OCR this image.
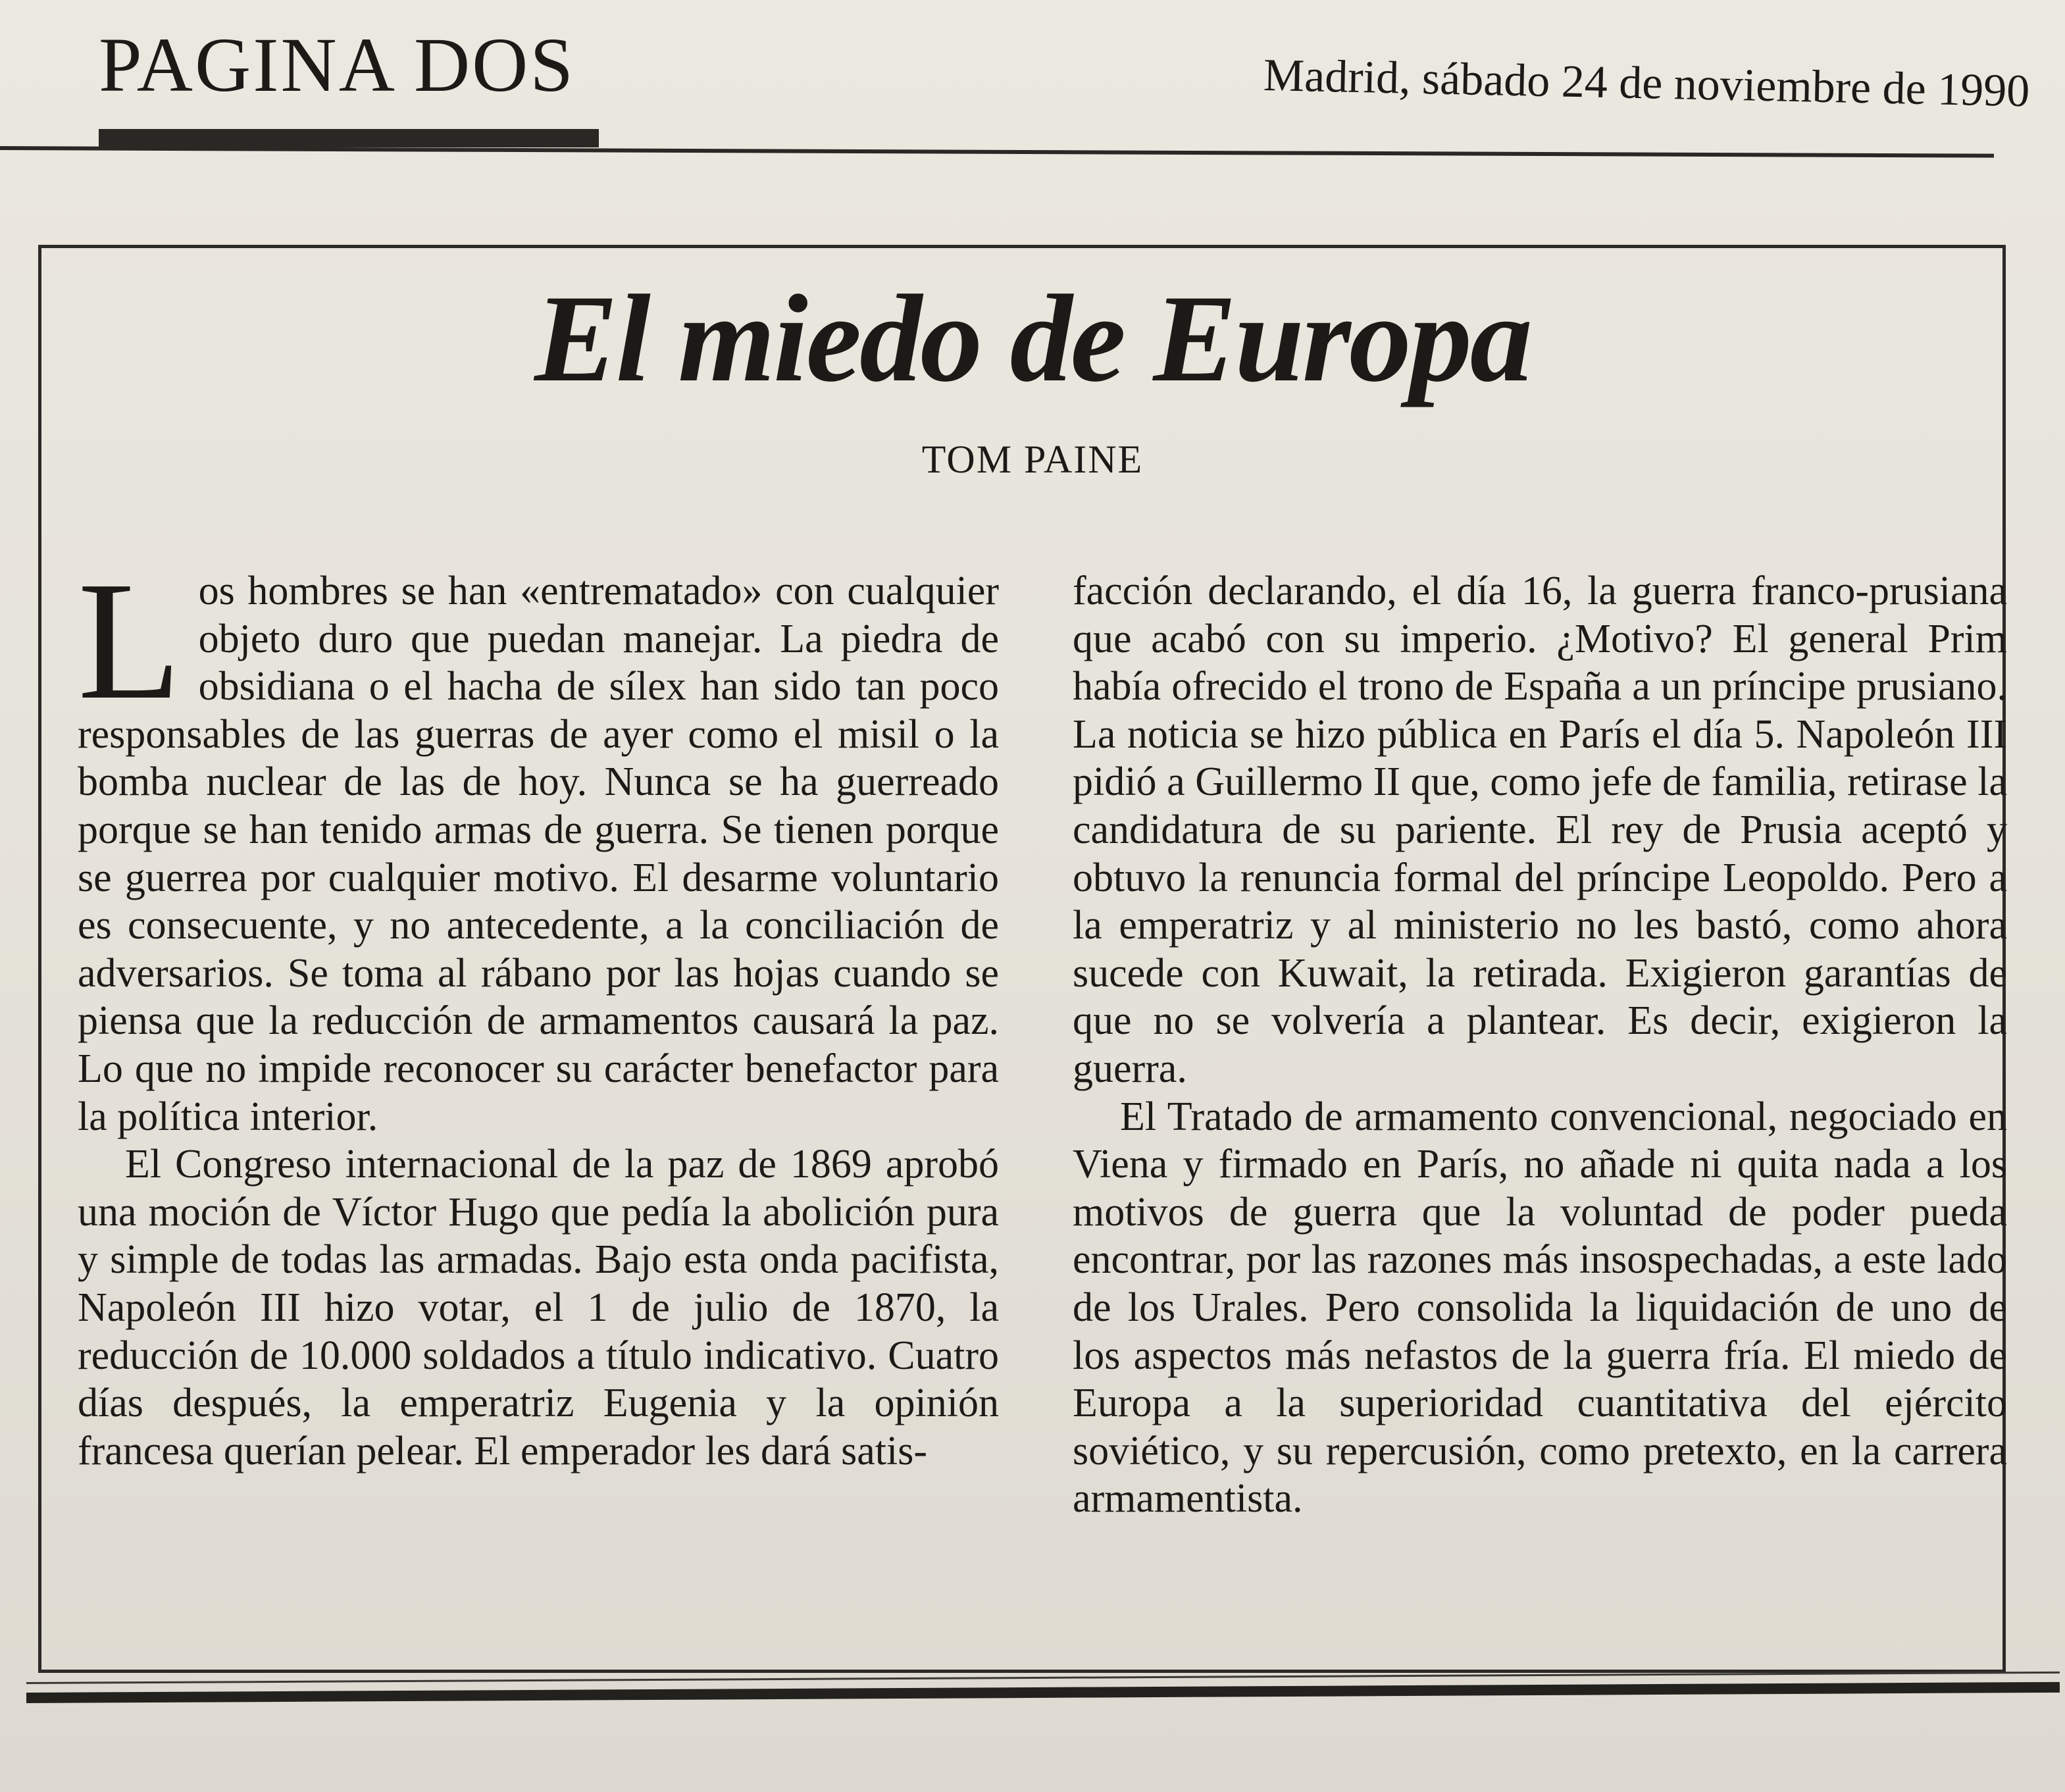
PAGINA DOS	Madrid, sábado 24 de noviembre de 1990
El miedo de Europa
TOM PAINE

Los hombres se han «entrematado» con cualquier objeto duro que puedan manejar. La piedra de obsidiana o el hacha de sílex han sido tan poco responsables de las guerras de ayer como el misil o la bomba nuclear de las de hoy. Nunca se ha guerreado porque se han tenido armas de guerra. Se tienen porque se guerrea por cualquier motivo. El desarme voluntario es consecuente, y no antecedente, a la conciliación de adversarios. Se toma al rábano por las hojas cuando se piensa que la reducción de armamentos causará la paz. Lo que no impide reconocer su carácter benefactor para la política interior.

El Congreso internacional de la paz de 1869 aprobó una moción de Víctor Hugo que pedía la abolición pura y simple de todas las armadas. Bajo esta onda pacifista, Napoleón III hizo votar, el 1 de julio de 1870, la reducción de 10.000 soldados a título indicativo. Cuatro días después, la emperatriz Eugenia y la opinión francesa querían pelear. El emperador les dará satis-

facción declarando, el día 16, la guerra franco-prusiana que acabó con su imperio. ¿Motivo? El general Prim había ofrecido el trono de España a un príncipe prusiano. La noticia se hizo pública en París el día 5. Napoleón III pidió a Guillermo II que, como jefe de familia, retirase la candidatura de su pariente. El rey de Prusia aceptó y obtuvo la renuncia formal del príncipe Leopoldo. Pero a la emperatriz y al ministerio no les bastó, como ahora sucede con Kuwait, la retirada. Exigieron garantías de que no se volvería a plantear. Es decir, exigieron la guerra.

El Tratado de armamento convencional, negociado en Viena y firmado en París, no añade ni quita nada a los motivos de guerra que la voluntad de poder pueda encontrar, por las razones más insospechadas, a este lado de los Urales. Pero consolida la liquidación de uno de los aspectos más nefastos de la guerra fría. El miedo de Europa a la superioridad cuantitativa del ejército soviético, y su repercusión, como pretexto, en la carrera armamentista.
